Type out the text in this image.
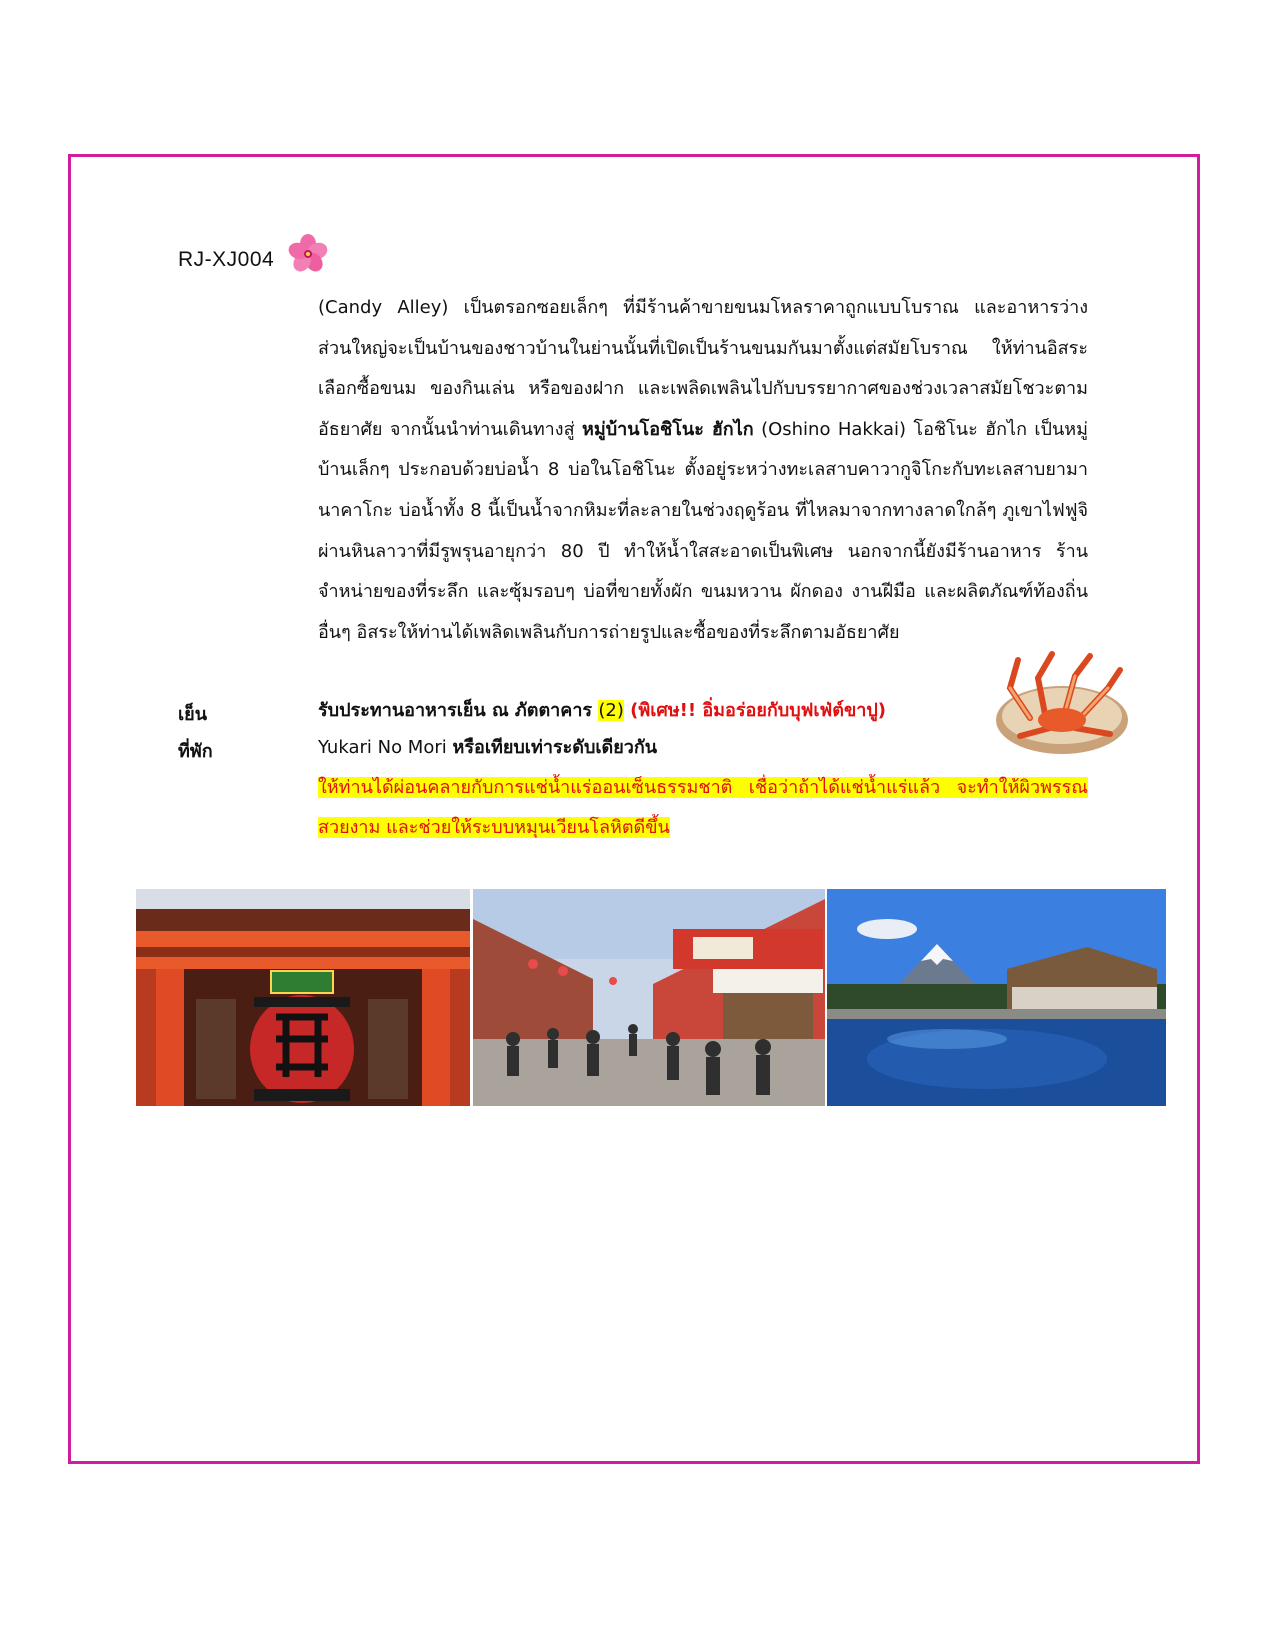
RJ-XJ004

(Candy Alley) เป็นตรอกซอยเล็กๆ ที่มีร้านค้าขายขนมโหลราคาถูกแบบโบราณ และอาหารว่าง ส่วนใหญ่จะเป็นบ้านของชาวบ้านในย่านนั้นที่เปิดเป็นร้านขนมกันมาตั้งแต่สมัยโบราณ ให้ท่านอิสระเลือกซื้อขนม ของกินเล่น หรือของฝาก และเพลิดเพลินไปกับบรรยากาศของช่วงเวลาสมัยโชวะตามอัธยาศัย จากนั้นนำท่านเดินทางสู่ หมู่บ้านโอชิโนะ ฮักไก (Oshino Hakkai) โอชิโนะ ฮักไก เป็นหมู่บ้านเล็กๆ ประกอบด้วยบ่อน้ำ 8 บ่อในโอชิโนะ ตั้งอยู่ระหว่างทะเลสาบคาวากูจิโกะกับทะเลสาบยามานาคาโกะ บ่อน้ำทั้ง 8 นี้เป็นน้ำจากหิมะที่ละลายในช่วงฤดูร้อน ที่ไหลมาจากทางลาดใกล้ๆ ภูเขาไฟฟูจิผ่านหินลาวาที่มีรูพรุนอายุกว่า 80 ปี ทำให้น้ำใสสะอาดเป็นพิเศษ นอกจากนี้ยังมีร้านอาหาร ร้านจำหน่ายของที่ระลึก และซุ้มรอบๆ บ่อที่ขายทั้งผัก ขนมหวาน ผักดอง งานฝีมือ และผลิตภัณฑ์ท้องถิ่นอื่นๆ อิสระให้ท่านได้เพลิดเพลินกับการถ่ายรูปและซื้อของที่ระลึกตามอัธยาศัย

เย็น	รับประทานอาหารเย็น ณ ภัตตาคาร (2) (พิเศษ!! อิ่มอร่อยกับบุฟเฟ่ต์ขาปู)
ที่พัก	Yukari No Mori หรือเทียบเท่าระดับเดียวกัน
ให้ท่านได้ผ่อนคลายกับการแช่น้ำแร่ออนเซ็นธรรมชาติ เชื่อว่าถ้าได้แช่น้ำแร่แล้ว จะทำให้ผิวพรรณสวยงาม และช่วยให้ระบบหมุนเวียนโลหิตดีขึ้น
